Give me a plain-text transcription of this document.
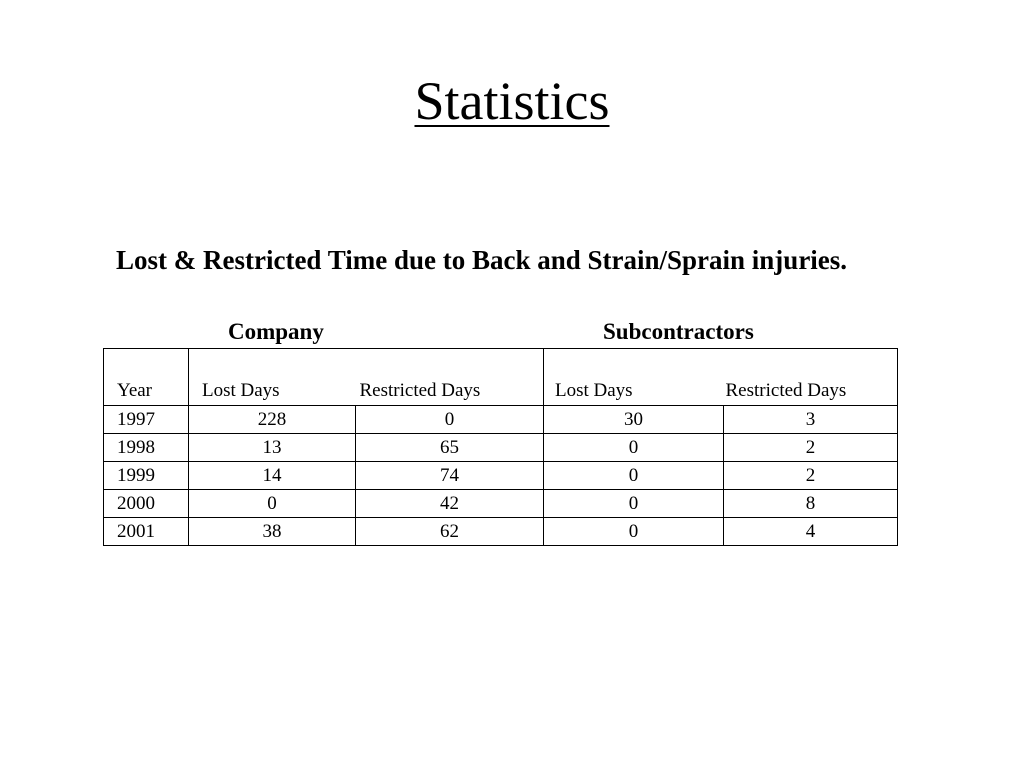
Statistics

Lost & Restricted Time due to Back and Strain/Sprain injuries.

Company	Subcontractors

Year	Lost Days	Restricted Days	Lost Days	Restricted Days
1997	228	0	30	3
1998	13	65	0	2
1999	14	74	0	2
2000	0	42	0	8
2001	38	62	0	4
